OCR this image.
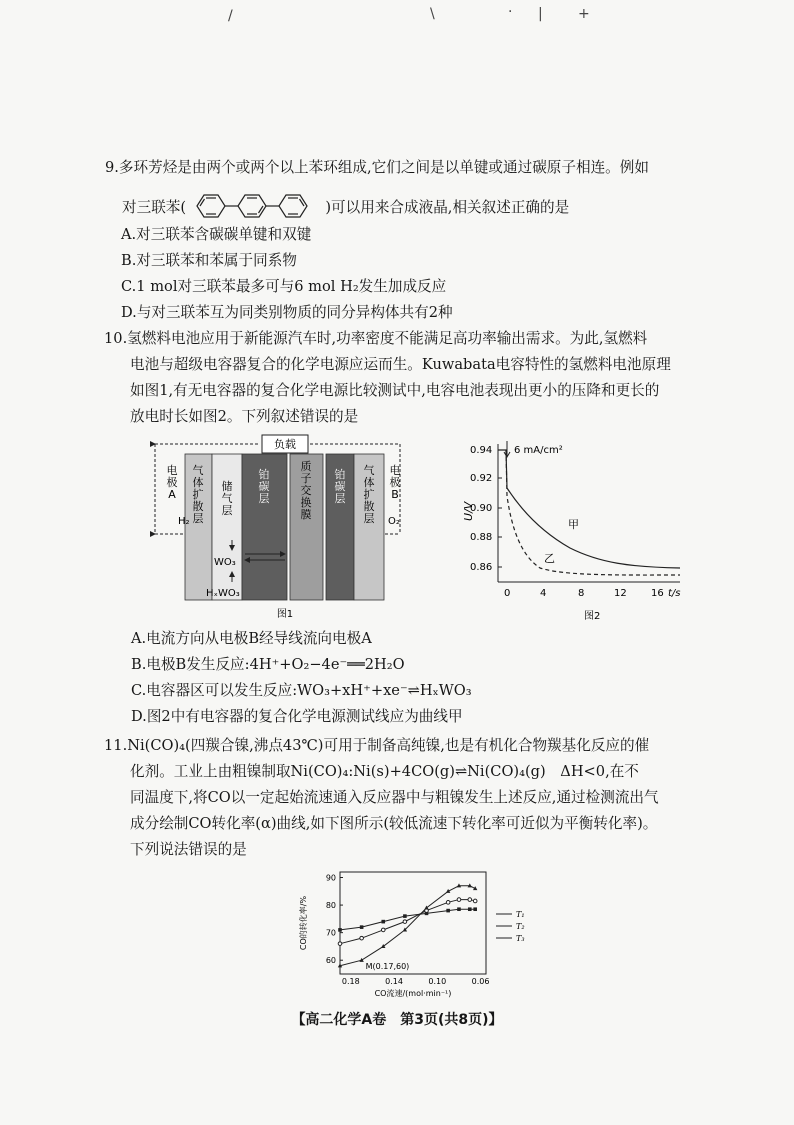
/	\	· |	+
9.多环芳烃是由两个或两个以上苯环组成,它们之间是以单键或通过碳原子相连。例如
对三联苯(	)可以用来合成液晶,相关叙述正确的是
A.对三联苯含碳碳单键和双键
B.对三联苯和苯属于同系物
C.1 mol对三联苯最多可与6 mol H₂发生加成反应
D.与对三联苯互为同类别物质的同分异构体共有2种
10.氢燃料电池应用于新能源汽车时,功率密度不能满足高功率输出需求。为此,氢燃料
电池与超级电容器复合的化学电源应运而生。Kuwabata电容特性的氢燃料电池原理
如图1,有无电容器的复合化学电源比较测试中,电容电池表现出更小的压降和更长的
放电时长如图2。下列叙述错误的是
负载
电
极
A
气
体
扩
散
层
储
气
层
铂
碳
层
质
子
交
换
膜
铂
碳
层
气
体
扩
散
层
电
极
B
H₂	O₂
WO₃
HₓWO₃
图1
0.94
0.92
0.90
0.88
0.86
U/V
0	4	8	12 16 t/s
6 mA/cm²
甲
乙
图2
A.电流方向从电极B经导线流向电极A
B.电极B发生反应:4H⁺+O₂−4e⁻══2H₂O
C.电容器区可以发生反应:WO₃+xH⁺+xe⁻⇌HₓWO₃
D.图2中有电容器的复合化学电源测试线应为曲线甲
11.Ni(CO)₄(四羰合镍,沸点43℃)可用于制备高纯镍,也是有机化合物羰基化反应的催
化剂。工业上由粗镍制取Ni(CO)₄:Ni(s)+4CO(g)⇌Ni(CO)₄(g)　ΔH<0,在不
同温度下,将CO以一定起始流速通入反应器中与粗镍发生上述反应,通过检测流出气
成分绘制CO转化率(α)曲线,如下图所示(较低流速下转化率可近似为平衡转化率)。
下列说法错误的是
0.18	0.14	0.10	0.06
60
70
80
90
T₁
T₂
T₃
CO的转化率/%
CO流速/(mol·min⁻¹)
M(0.17,60)
【高二化学A卷　第3页(共8页)】
